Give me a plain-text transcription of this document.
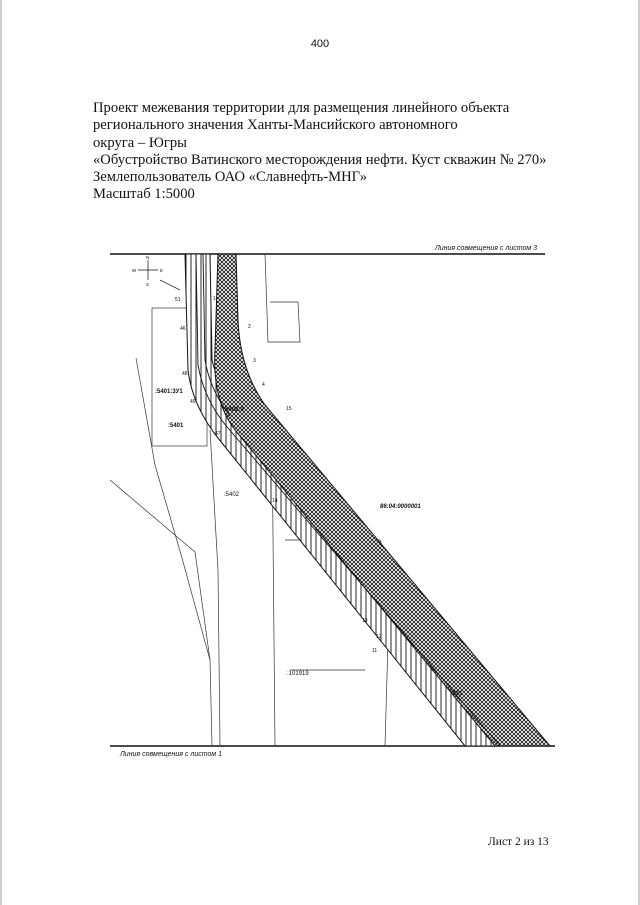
400
Проект межевания территории для размещения линейного объекта
регионального значения Ханты-Мансийского автономного
округа – Югры
«Обустройство Ватинского месторождения нефти. Куст скважин № 270»
Землепользователь ОАО «Славнефть-МНГ»
Масштаб 1:5000
Линия совмещения с листом 3
Линия совмещения с листом 1
N
S
W	E
:5401:3У1
:5401
:5402:3
:5402
:101919
86:04:0000001
:3У1
1
2
3
4
15
14
13
12
11
51
49
48
47
46
Лист 2 из 13
